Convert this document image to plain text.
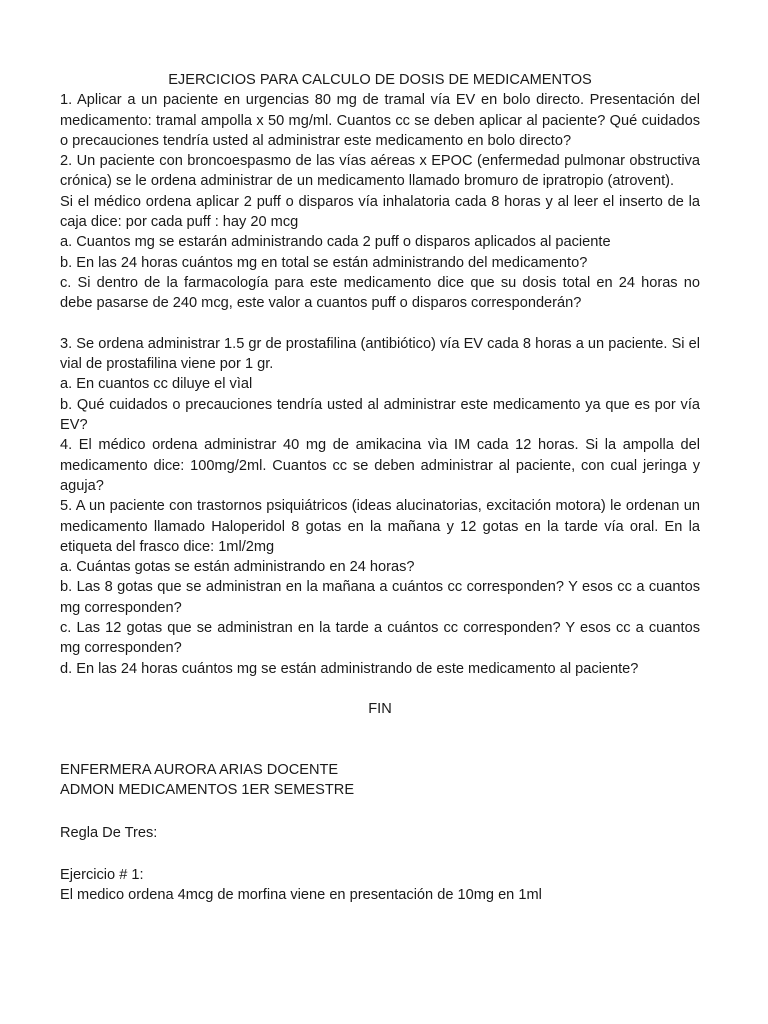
EJERCICIOS PARA CALCULO DE DOSIS DE MEDICAMENTOS

1. Aplicar a un paciente en urgencias 80 mg de tramal vía EV en bolo directo. Presentación del medicamento: tramal ampolla x 50 mg/ml. Cuantos cc se deben aplicar al paciente? Qué cuidados o precauciones tendría usted al administrar este medicamento en bolo directo?

2. Un paciente con broncoespasmo de las vías aéreas x EPOC (enfermedad pulmonar obstructiva crónica) se le ordena administrar de un medicamento llamado bromuro de ipratropio (atrovent).

Si el médico ordena aplicar 2 puff o disparos vía inhalatoria cada 8 horas y al leer el inserto de la caja dice: por cada puff : hay 20 mcg

a. Cuantos mg se estarán administrando cada 2 puff o disparos aplicados al paciente

b. En las 24 horas cuántos mg en total se están administrando del medicamento?

c. Si dentro de la farmacología para este medicamento dice que su dosis total en 24 horas no debe pasarse de 240 mcg, este valor a cuantos puff o disparos corresponderán?

3. Se ordena administrar 1.5 gr de prostafilina (antibiótico) vía EV cada 8 horas a un paciente. Si el vial de prostafilina viene por 1 gr.

a. En cuantos cc diluye el vìal

b. Qué cuidados o precauciones tendría usted al administrar este medicamento ya que es por vía EV?

4. El médico ordena administrar 40 mg de amikacina vìa IM cada 12 horas. Si la ampolla del medicamento dice: 100mg/2ml. Cuantos cc se deben administrar al paciente, con cual jeringa y aguja?

5. A un paciente con trastornos psiquiátricos (ideas alucinatorias, excitación motora) le ordenan un medicamento llamado Haloperidol 8 gotas en la mañana y 12 gotas en la tarde vía oral. En la etiqueta del frasco dice: 1ml/2mg

a. Cuántas gotas se están administrando en 24 horas?

b. Las 8 gotas que se administran en la mañana a cuántos cc corresponden? Y esos cc a cuantos mg corresponden?

c. Las 12 gotas que se administran en la tarde a cuántos cc corresponden? Y esos cc a cuantos mg corresponden?

d. En las 24 horas cuántos mg se están administrando de este medicamento al paciente?

FIN

ENFERMERA AURORA ARIAS DOCENTE

ADMON MEDICAMENTOS 1ER SEMESTRE

Regla De Tres:

Ejercicio # 1:

El medico ordena 4mcg de morfina viene en presentación de 10mg en 1ml
